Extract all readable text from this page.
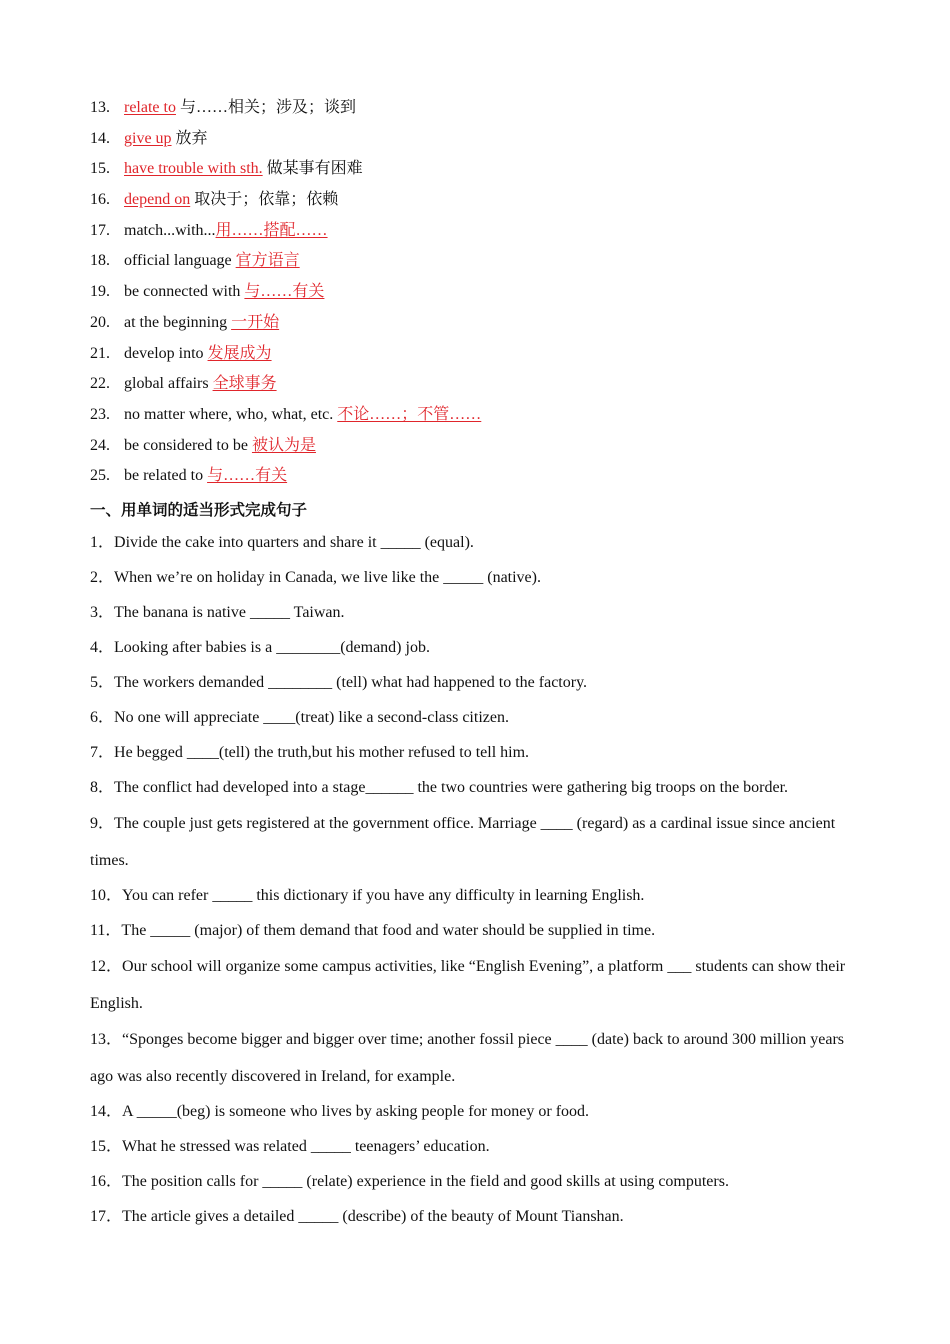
13. relate to 与……相关；涉及；谈到
14. give up 放弃
15. have trouble with sth. 做某事有困难
16. depend on 取决于；依靠；依赖
17. match...with...用……搭配……
18. official language 官方语言
19. be connected with 与……有关
20. at the beginning 一开始
21. develop into 发展成为
22. global affairs 全球事务
23. no matter where, who, what, etc. 不论……；不管……
24. be considered to be 被认为是
25. be related to 与……有关
一、用单词的适当形式完成句子
1．Divide the cake into quarters and share it _____ (equal).
2．When we’re on holiday in Canada, we live like the _____ (native).
3．The banana is native _____ Taiwan.
4．Looking after babies is a ________(demand) job.
5．The workers demanded ________ (tell) what had happened to the factory.
6．No one will appreciate ____(treat) like a second-class citizen.
7．He begged ____(tell) the truth,but his mother refused to tell him.
8．The conflict had developed into a stage______ the two countries were gathering big troops on the border.
9．The couple just gets registered at the government office. Marriage ____ (regard) as a cardinal issue since ancient times.
10．You can refer _____ this dictionary if you have any difficulty in learning English.
11．The _____ (major) of them demand that food and water should be supplied in time.
12．Our school will organize some campus activities, like “English Evening”, a platform ___ students can show their English.
13．“Sponges become bigger and bigger over time; another fossil piece ____ (date) back to around 300 million years ago was also recently discovered in Ireland, for example.
14．A _____(beg) is someone who lives by asking people for money or food.
15．What he stressed was related _____ teenagers’ education.
16．The position calls for _____ (relate) experience in the field and good skills at using computers.
17．The article gives a detailed _____ (describe) of the beauty of Mount Tianshan.
